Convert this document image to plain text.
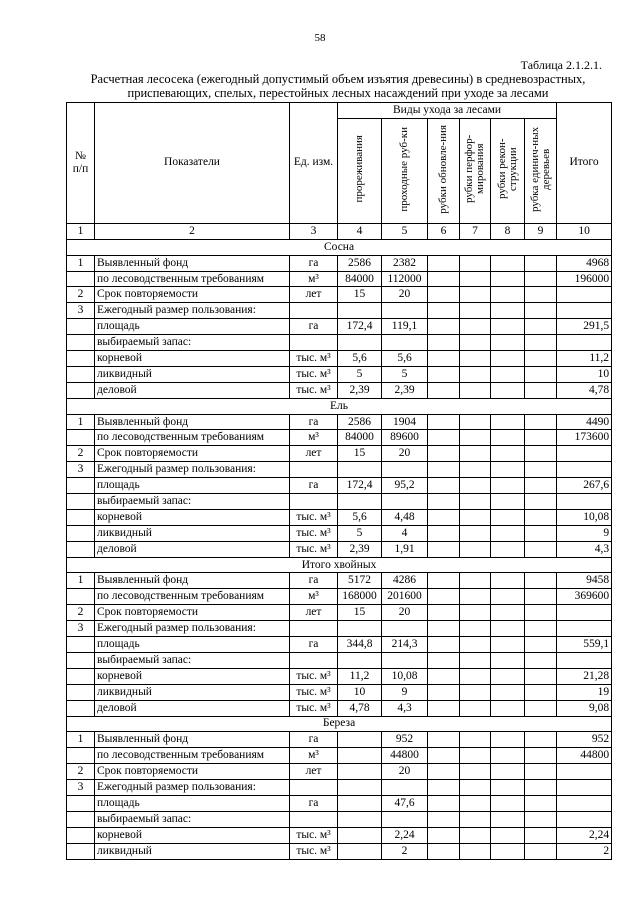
58
Таблица 2.1.2.1.
Расчетная лесосека (ежегодный допустимый объем изъятия древесины) в средневозрастных, приспевающих, спелых, перестойных лесных насаждений при уходе за лесами
№ п/п	Показатели	Ед. изм.	Виды ухода за лесами						Итого
			прореживания	проходные руб-ки	рубки обновле-ния	рубки перфор-мирования	рубки рекон-струкции	рубка единич-ных деревьев	
1	2	3	4	5	6	7	8	9	10
Сосна									
1	Выявленный фонд	га	2586	2382					4968
	по лесоводственным требованиям	м³	84000	112000					196000
2	Срок повторяемости	лет	15	20					
3	Ежегодный размер пользования:								
	площадь	га	172,4	119,1					291,5
	выбираемый запас:								
	корневой	тыс. м³	5,6	5,6					11,2
	ликвидный	тыс. м³	5	5					10
	деловой	тыс. м³	2,39	2,39					4,78
Ель									
1	Выявленный фонд	га	2586	1904					4490
	по лесоводственным требованиям	м³	84000	89600					173600
2	Срок повторяемости	лет	15	20					
3	Ежегодный размер пользования:								
	площадь	га	172,4	95,2					267,6
	выбираемый запас:								
	корневой	тыс. м³	5,6	4,48					10,08
	ликвидный	тыс. м³	5	4					9
	деловой	тыс. м³	2,39	1,91					4,3
Итого хвойных									
1	Выявленный фонд	га	5172	4286					9458
	по лесоводственным требованиям	м³	168000	201600					369600
2	Срок повторяемости	лет	15	20					
3	Ежегодный размер пользования:								
	площадь	га	344,8	214,3					559,1
	выбираемый запас:								
	корневой	тыс. м³	11,2	10,08					21,28
	ликвидный	тыс. м³	10	9					19
	деловой	тыс. м³	4,78	4,3					9,08
Береза									
1	Выявленный фонд	га		952					952
	по лесоводственным требованиям	м³		44800					44800
2	Срок повторяемости	лет		20					
3	Ежегодный размер пользования:								
	площадь	га		47,6					
	выбираемый запас:								
	корневой	тыс. м³		2,24					2,24
	ликвидный	тыс. м³		2					2
